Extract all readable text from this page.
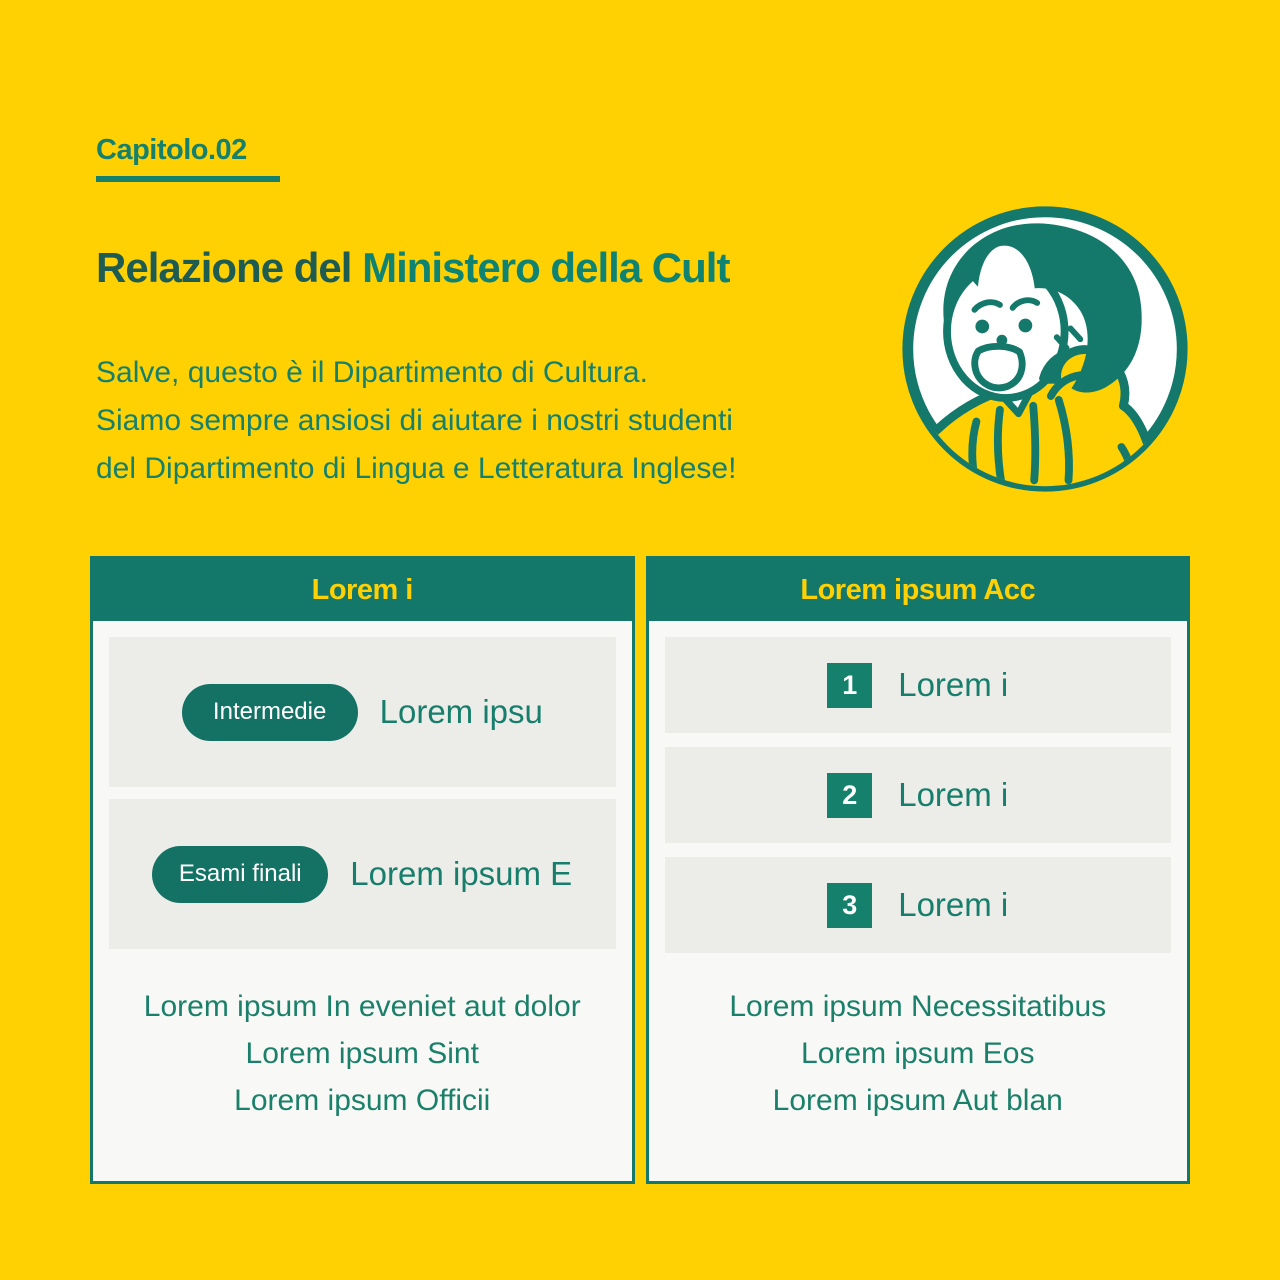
Capitolo.02
Relazione del Ministero della Cult
Salve, questo è il Dipartimento di Cultura.
Siamo sempre ansiosi di aiutare i nostri studenti
del Dipartimento di Lingua e Letteratura Inglese!
Lorem i
Intermedie	Lorem ipsu
Esami finali	Lorem ipsum E
Lorem ipsum In eveniet aut dolor
Lorem ipsum Sint
Lorem ipsum Officii
Lorem ipsum Acc
1	Lorem i
2	Lorem i
3	Lorem i
Lorem ipsum Necessitatibus
Lorem ipsum Eos
Lorem ipsum Aut blan
